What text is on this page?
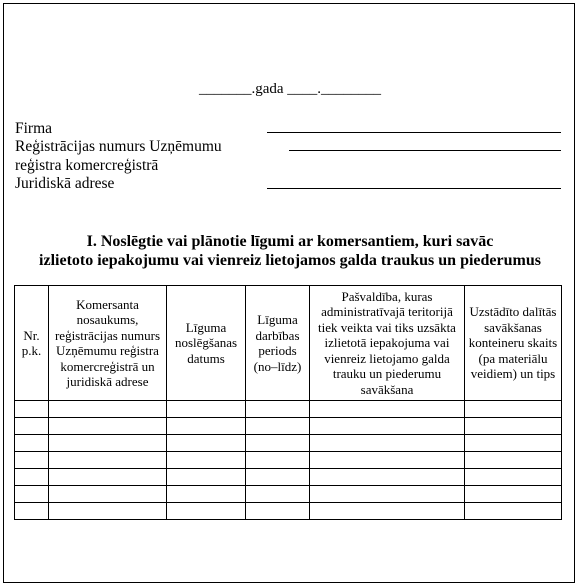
_______.gada ____.________
Firma
Reģistrācijas numurs Uzņēmumu
reģistra komercreģistrā
Juridiskā adrese
I. Noslēgtie vai plānotie līgumi ar komersantiem, kuri savāc
izlietoto iepakojumu vai vienreiz lietojamos galda traukus un piederumus
Nr. p.k.	Komersanta nosaukums, reģistrācijas numurs Uzņēmumu reģistra komercreģistrā un juridiskā adrese	Līguma noslēgšanas datums	Līguma darbības periods (no–līdz)	Pašvaldība, kuras administratīvajā teritorijā tiek veikta vai tiks uzsākta izlietotā iepakojuma vai vienreiz lietojamo galda trauku un piederumu savākšana	Uzstādīto dalītās savākšanas konteineru skaits (pa materiālu veidiem) un tips
